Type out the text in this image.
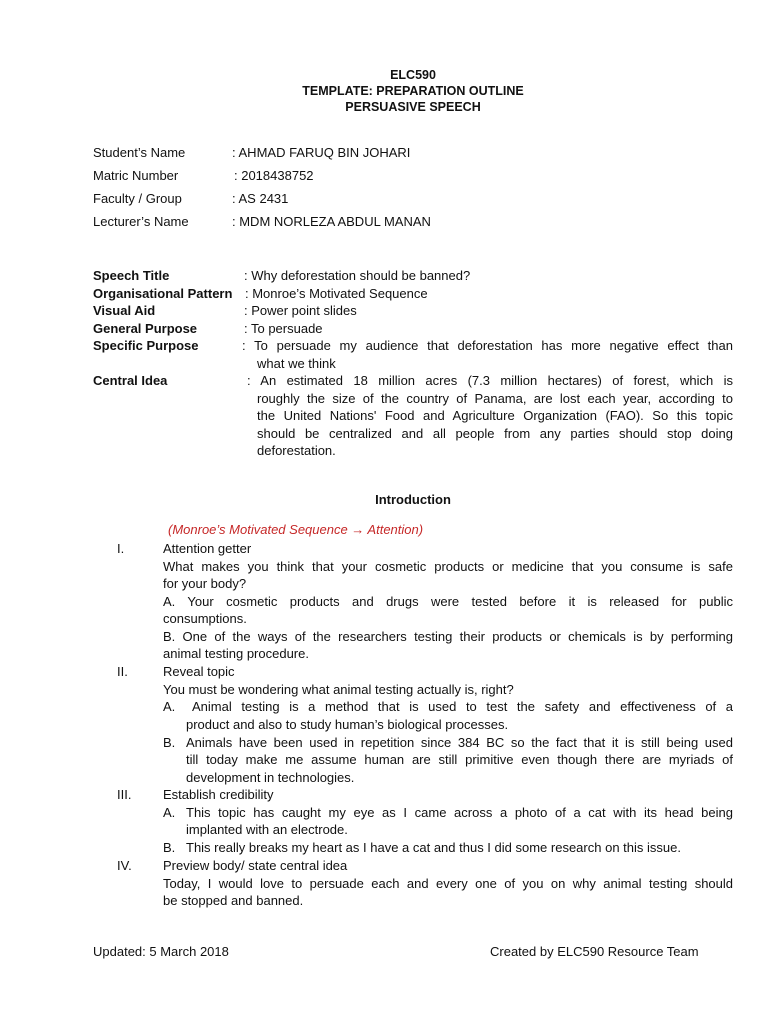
ELC590
TEMPLATE: PREPARATION OUTLINE
PERSUASIVE SPEECH
Student’s Name	: AHMAD FARUQ BIN JOHARI
Matric Number	: 2018438752
Faculty / Group	: AS 2431
Lecturer’s Name	: MDM NORLEZA ABDUL MANAN
Speech Title	: Why deforestation should be banned?
Organisational Pattern : Monroe’s Motivated Sequence
Visual Aid	: Power point slides
General Purpose	: To persuade
Specific Purpose	: To persuade my audience that deforestation has more negative effect than
what we think
Central Idea	: An estimated 18 million acres (7.3 million hectares) of forest, which is
roughly the size of the country of Panama, are lost each year, according to
the United Nations' Food and Agriculture Organization (FAO). So this topic
should be centralized and all people from any parties should stop doing
deforestation.
Introduction
(Monroe’s Motivated Sequence → Attention)
I.	Attention getter
What makes you think that your cosmetic products or medicine that you consume is safe
for your body?
A. Your cosmetic products and drugs were tested before it is released for public
consumptions.
B. One of the ways of the researchers testing their products or chemicals is by performing
animal testing procedure.
II.	Reveal topic
You must be wondering what animal testing actually is, right?
A. Animal testing is a method that is used to test the safety and effectiveness of a
product and also to study human’s biological processes.
B. Animals have been used in repetition since 384 BC so the fact that it is still being used
till today make me assume human are still primitive even though there are myriads of
development in technologies.
III. Establish credibility
A. This topic has caught my eye as I came across a photo of a cat with its head being
implanted with an electrode.
B. This really breaks my heart as I have a cat and thus I did some research on this issue.
IV. Preview body/ state central idea
Today, I would love to persuade each and every one of you on why animal testing should
be stopped and banned.
Updated: 5 March 2018	Created by ELC590 Resource Team
